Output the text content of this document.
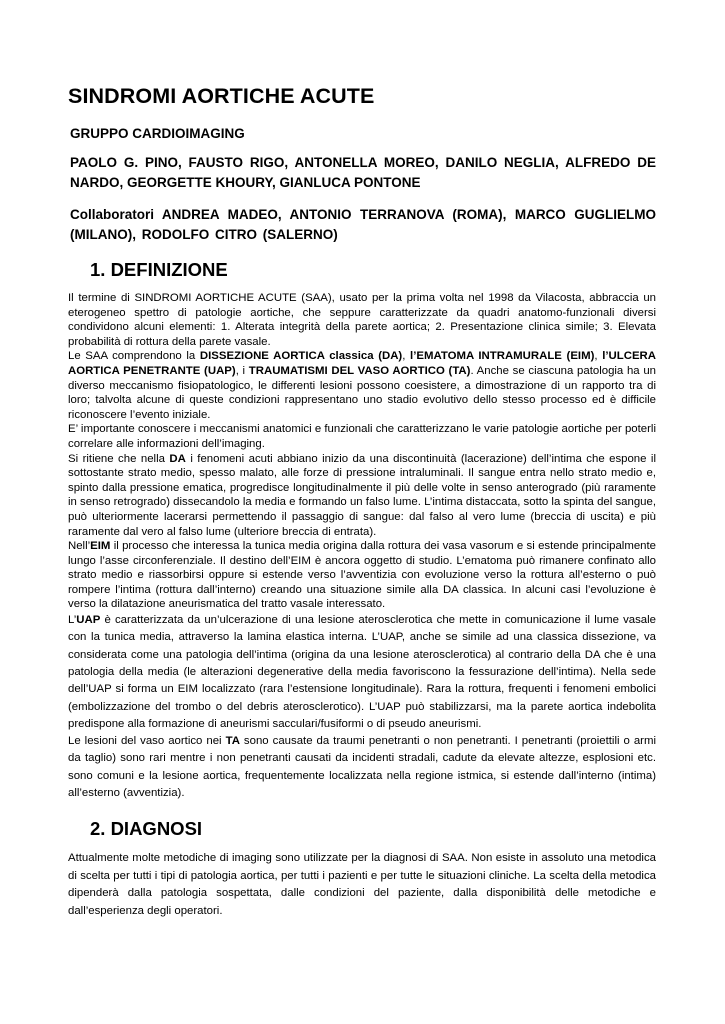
SINDROMI AORTICHE ACUTE
GRUPPO CARDIOIMAGING
PAOLO G. PINO, FAUSTO RIGO, ANTONELLA MOREO, DANILO NEGLIA, ALFREDO DE NARDO, GEORGETTE KHOURY, GIANLUCA PONTONE
Collaboratori ANDREA MADEO, ANTONIO TERRANOVA (ROMA), MARCO GUGLIELMO (MILANO), RODOLFO CITRO (SALERNO)
1. DEFINIZIONE

Il termine di SINDROMI AORTICHE ACUTE (SAA), usato per la prima volta nel 1998 da Vilacosta, abbraccia un eterogeneo spettro di patologie aortiche, che seppure caratterizzate da quadri anatomo-funzionali diversi condividono alcuni elementi: 1. Alterata integrità della parete aortica; 2. Presentazione clinica simile; 3. Elevata probabilità di rottura della parete vasale.

Le SAA comprendono la DISSEZIONE AORTICA classica (DA), l’EMATOMA INTRAMURALE (EIM), l’ULCERA AORTICA PENETRANTE (UAP), i TRAUMATISMI DEL VASO AORTICO (TA). Anche se ciascuna patologia ha un diverso meccanismo fisiopatologico, le differenti lesioni possono coesistere, a dimostrazione di un rapporto tra di loro; talvolta alcune di queste condizioni rappresentano uno stadio evolutivo dello stesso processo ed è difficile riconoscere l’evento iniziale.

E’ importante conoscere i meccanismi anatomici e funzionali che caratterizzano le varie patologie aortiche per poterli correlare alle informazioni dell’imaging.

Si ritiene che nella DA i fenomeni acuti abbiano inizio da una discontinuità (lacerazione) dell’intima che espone il sottostante strato medio, spesso malato, alle forze di pressione intraluminali. Il sangue entra nello strato medio e, spinto dalla pressione ematica, progredisce longitudinalmente il più delle volte in senso anterogrado (più raramente in senso retrogrado) dissecandolo la media e formando un falso lume. L’intima distaccata, sotto la spinta del sangue, può ulteriormente lacerarsi permettendo il passaggio di sangue: dal falso al vero lume (breccia di uscita) e più raramente dal vero al falso lume (ulteriore breccia di entrata).

Nell’EIM il processo che interessa la tunica media origina dalla rottura dei vasa vasorum e si estende principalmente lungo l’asse circonferenziale. Il destino dell’EIM è ancora oggetto di studio. L’ematoma può rimanere confinato allo strato medio e riassorbirsi oppure si estende verso l’avventizia con evoluzione verso la rottura all’esterno o può rompere l’intima (rottura dall’interno) creando una situazione simile alla DA classica. In alcuni casi l’evoluzione è verso la dilatazione aneurismatica del tratto vasale interessato.

L’UAP è caratterizzata da un’ulcerazione di una lesione aterosclerotica che mette in comunicazione il lume vasale con la tunica media, attraverso la lamina elastica interna. L’UAP, anche se simile ad una classica dissezione, va considerata come una patologia dell’intima (origina da una lesione aterosclerotica) al contrario della DA che è una patologia della media (le alterazioni degenerative della media favoriscono la fessurazione dell’intima). Nella sede dell’UAP si forma un EIM localizzato (rara l’estensione longitudinale). Rara la rottura, frequenti i fenomeni embolici (embolizzazione del trombo o del debris aterosclerotico). L’UAP può stabilizzarsi, ma la parete aortica indebolita predispone alla formazione di aneurismi sacculari/fusiformi o di pseudo aneurismi.

Le lesioni del vaso aortico nei TA sono causate da traumi penetranti o non penetranti. I penetranti (proiettili o armi da taglio) sono rari mentre i non penetranti causati da incidenti stradali, cadute da elevate altezze, esplosioni etc. sono comuni e la lesione aortica, frequentemente localizzata nella regione istmica, si estende dall’interno (intima) all’esterno (avventizia).

2. DIAGNOSI

Attualmente molte metodiche di imaging sono utilizzate per la diagnosi di SAA. Non esiste in assoluto una metodica di scelta per tutti i tipi di patologia aortica, per tutti i pazienti e per tutte le situazioni cliniche. La scelta della metodica dipenderà dalla patologia sospettata, dalle condizioni del paziente, dalla disponibilità delle metodiche e dall’esperienza degli operatori.
